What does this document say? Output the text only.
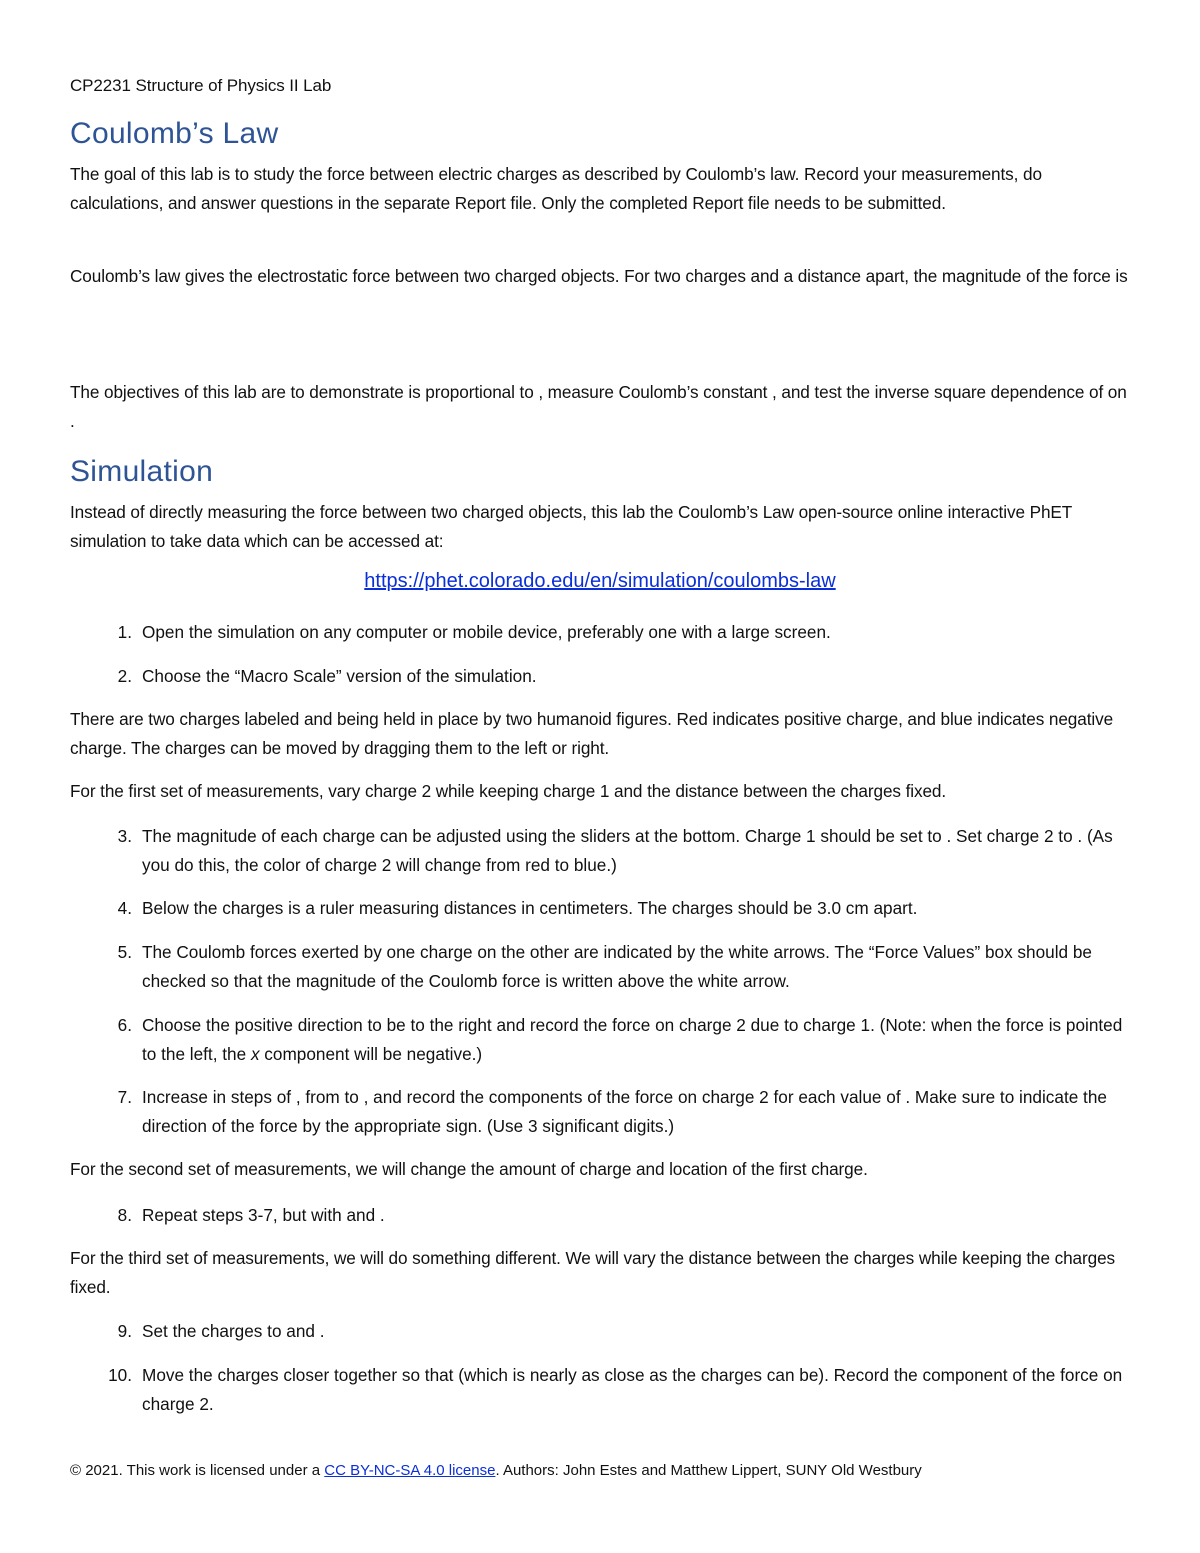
CP2231 Structure of Physics II Lab

Coulomb’s Law

The goal of this lab is to study the force between electric charges as described by Coulomb’s law. Record your measurements, do calculations, and answer questions in the separate Report file. Only the completed Report file needs to be submitted.

Coulomb’s law gives the electrostatic force between two charged objects. For two charges and a distance apart, the magnitude of the force is

The objectives of this lab are to demonstrate is proportional to , measure Coulomb’s constant , and test the inverse square dependence of on .

Simulation

Instead of directly measuring the force between two charged objects, this lab the Coulomb’s Law open-source online interactive PhET simulation to take data which can be accessed at:

https://phet.colorado.edu/en/simulation/coulombs-law
1. Open the simulation on any computer or mobile device, preferably one with a large screen.
2. Choose the “Macro Scale” version of the simulation.

There are two charges labeled and being held in place by two humanoid figures. Red indicates positive charge, and blue indicates negative charge. The charges can be moved by dragging them to the left or right.

For the first set of measurements, vary charge 2 while keeping charge 1 and the distance between the charges fixed.

3. The magnitude of each charge can be adjusted using the sliders at the bottom. Charge 1 should be set to . Set charge 2 to . (As you do this, the color of charge 2 will change from red to blue.)
4. Below the charges is a ruler measuring distances in centimeters. The charges should be 3.0 cm apart.
5. The Coulomb forces exerted by one charge on the other are indicated by the white arrows. The “Force Values” box should be checked so that the magnitude of the Coulomb force is written above the white arrow.
6. Choose the positive direction to be to the right and record the force on charge 2 due to charge 1. (Note: when the force is pointed to the left, the x component will be negative.)
7. Increase in steps of , from to , and record the components of the force on charge 2 for each value of . Make sure to indicate the direction of the force by the appropriate sign. (Use 3 significant digits.)

For the second set of measurements, we will change the amount of charge and location of the first charge.

8. Repeat steps 3-7, but with and .

For the third set of measurements, we will do something different. We will vary the distance between the charges while keeping the charges fixed.

9. Set the charges to and .
10. Move the charges closer together so that (which is nearly as close as the charges can be). Record the component of the force on charge 2.
© 2021. This work is licensed under a CC BY-NC-SA 4.0 license. Authors: John Estes and Matthew Lippert, SUNY Old Westbury
